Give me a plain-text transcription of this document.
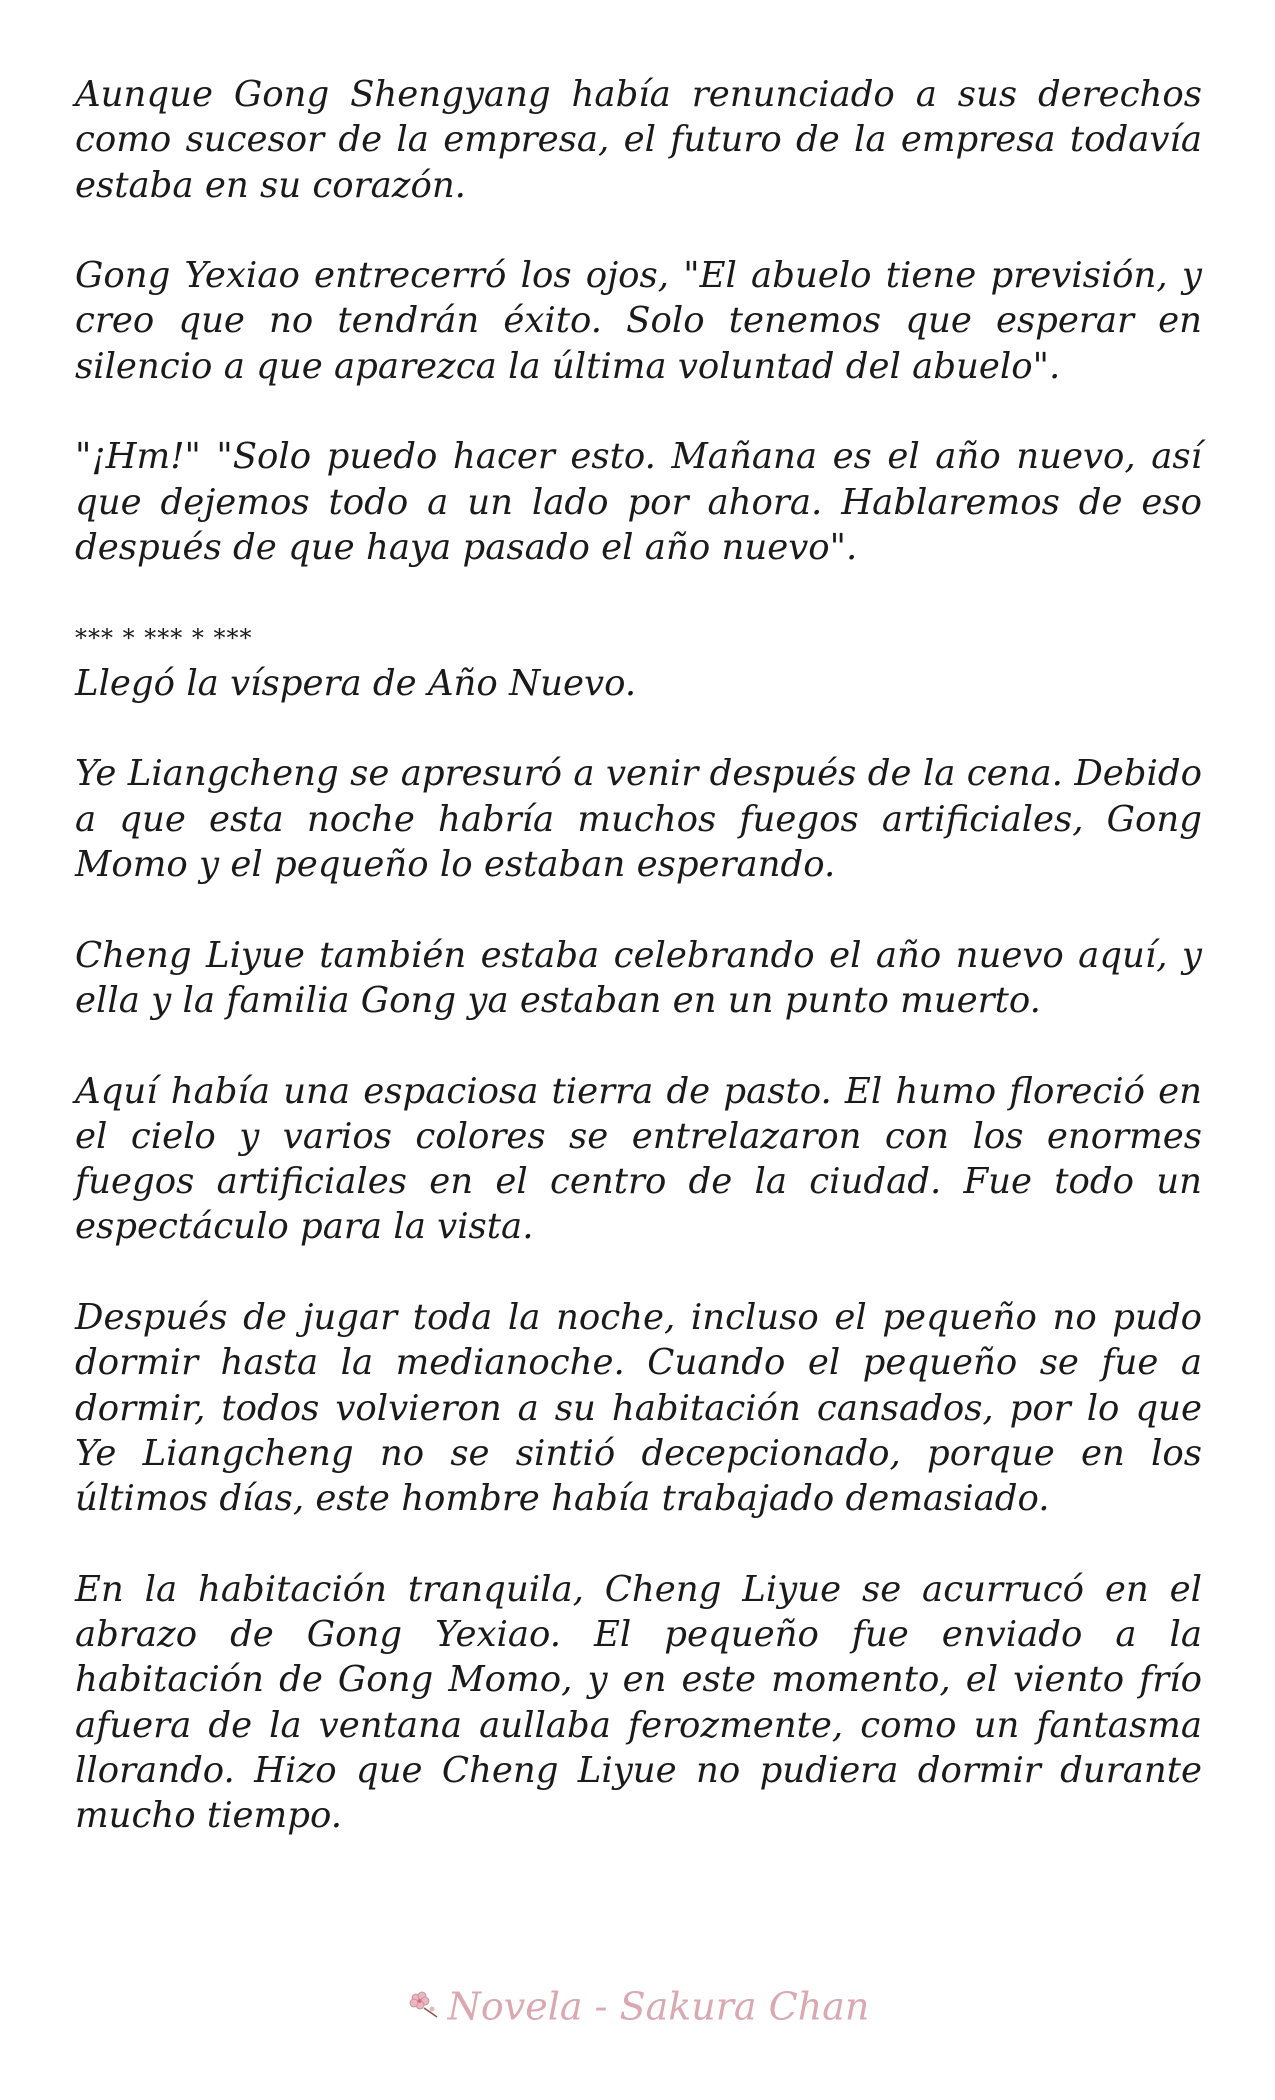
Aunque Gong Shengyang había renunciado a sus derechos como sucesor de la empresa, el futuro de la empresa todavía estaba en su corazón.

Gong Yexiao entrecerró los ojos, "El abuelo tiene previsión, y creo que no tendrán éxito. Solo tenemos que esperar en silencio a que aparezca la última voluntad del abuelo".

"¡Hm!" "Solo puedo hacer esto. Mañana es el año nuevo, así que dejemos todo a un lado por ahora. Hablaremos de eso después de que haya pasado el año nuevo".

*** * *** * ***

Llegó la víspera de Año Nuevo.

Ye Liangcheng se apresuró a venir después de la cena. Debido a que esta noche habría muchos fuegos artificiales, Gong Momo y el pequeño lo estaban esperando.

Cheng Liyue también estaba celebrando el año nuevo aquí, y ella y la familia Gong ya estaban en un punto muerto.

Aquí había una espaciosa tierra de pasto. El humo floreció en el cielo y varios colores se entrelazaron con los enormes fuegos artificiales en el centro de la ciudad. Fue todo un espectáculo para la vista.

Después de jugar toda la noche, incluso el pequeño no pudo dormir hasta la medianoche. Cuando el pequeño se fue a dormir, todos volvieron a su habitación cansados, por lo que Ye Liangcheng no se sintió decepcionado, porque en los últimos días, este hombre había trabajado demasiado.

En la habitación tranquila, Cheng Liyue se acurrucó en el abrazo de Gong Yexiao. El pequeño fue enviado a la habitación de Gong Momo, y en este momento, el viento frío afuera de la ventana aullaba ferozmente, como un fantasma llorando. Hizo que Cheng Liyue no pudiera dormir durante mucho tiempo.

Novela - Sakura Chan
